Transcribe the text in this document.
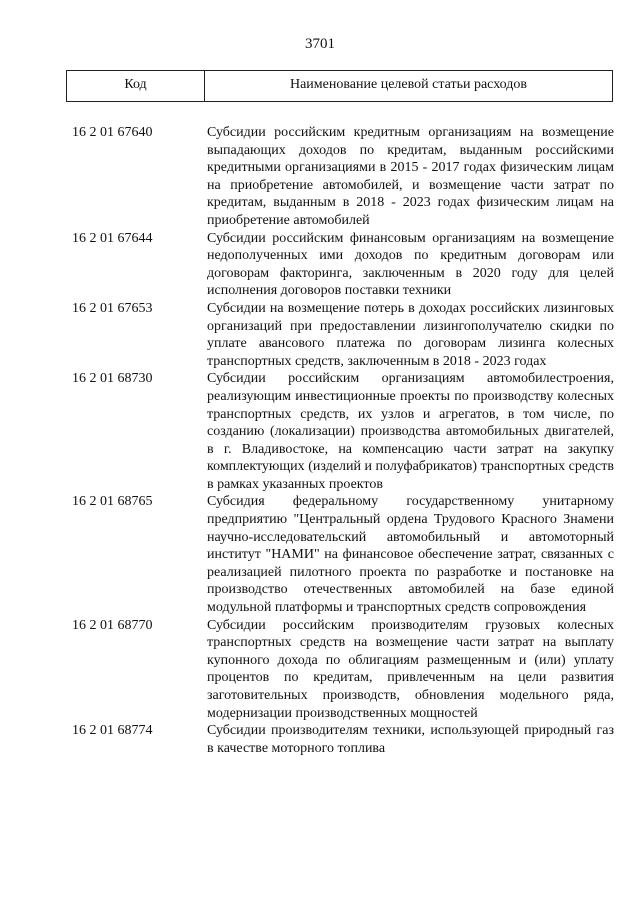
3701
Код	Наименование целевой статьи расходов
16 2 01 67640	Субсидии российским кредитным организациям на возмещение выпадающих доходов по кредитам, выданным российскими кредитными организациями в 2015 - 2017 годах физическим лицам на приобретение автомобилей, и возмещение части затрат по кредитам, выданным в 2018 - 2023 годах физическим лицам на приобретение автомобилей
16 2 01 67644	Субсидии российским финансовым организациям на возмещение недополученных ими доходов по кредитным договорам или договорам факторинга, заключенным в 2020 году для целей исполнения договоров поставки техники
16 2 01 67653	Субсидии на возмещение потерь в доходах российских лизинговых организаций при предоставлении лизингополучателю скидки по уплате авансового платежа по договорам лизинга колесных транспортных средств, заключенным в 2018 - 2023 годах
16 2 01 68730	Субсидии российским организациям автомобилестроения, реализующим инвестиционные проекты по производству колесных транспортных средств, их узлов и агрегатов, в том числе, по созданию (локализации) производства автомобильных двигателей, в г. Владивостоке, на компенсацию части затрат на закупку комплектующих (изделий и полуфабрикатов) транспортных средств в рамках указанных проектов
16 2 01 68765	Субсидия федеральному государственному унитарному предприятию "Центральный ордена Трудового Красного Знамени научно-исследовательский автомобильный и автомоторный институт "НАМИ" на финансовое обеспечение затрат, связанных с реализацией пилотного проекта по разработке и постановке на производство отечественных автомобилей на базе единой модульной платформы и транспортных средств сопровождения
16 2 01 68770	Субсидии российским производителям грузовых колесных транспортных средств на возмещение части затрат на выплату купонного дохода по облигациям размещенным и (или) уплату процентов по кредитам, привлеченным на цели развития заготовительных производств, обновления модельного ряда, модернизации производственных мощностей
16 2 01 68774	Субсидии производителям техники, использующей природный газ в качестве моторного топлива
